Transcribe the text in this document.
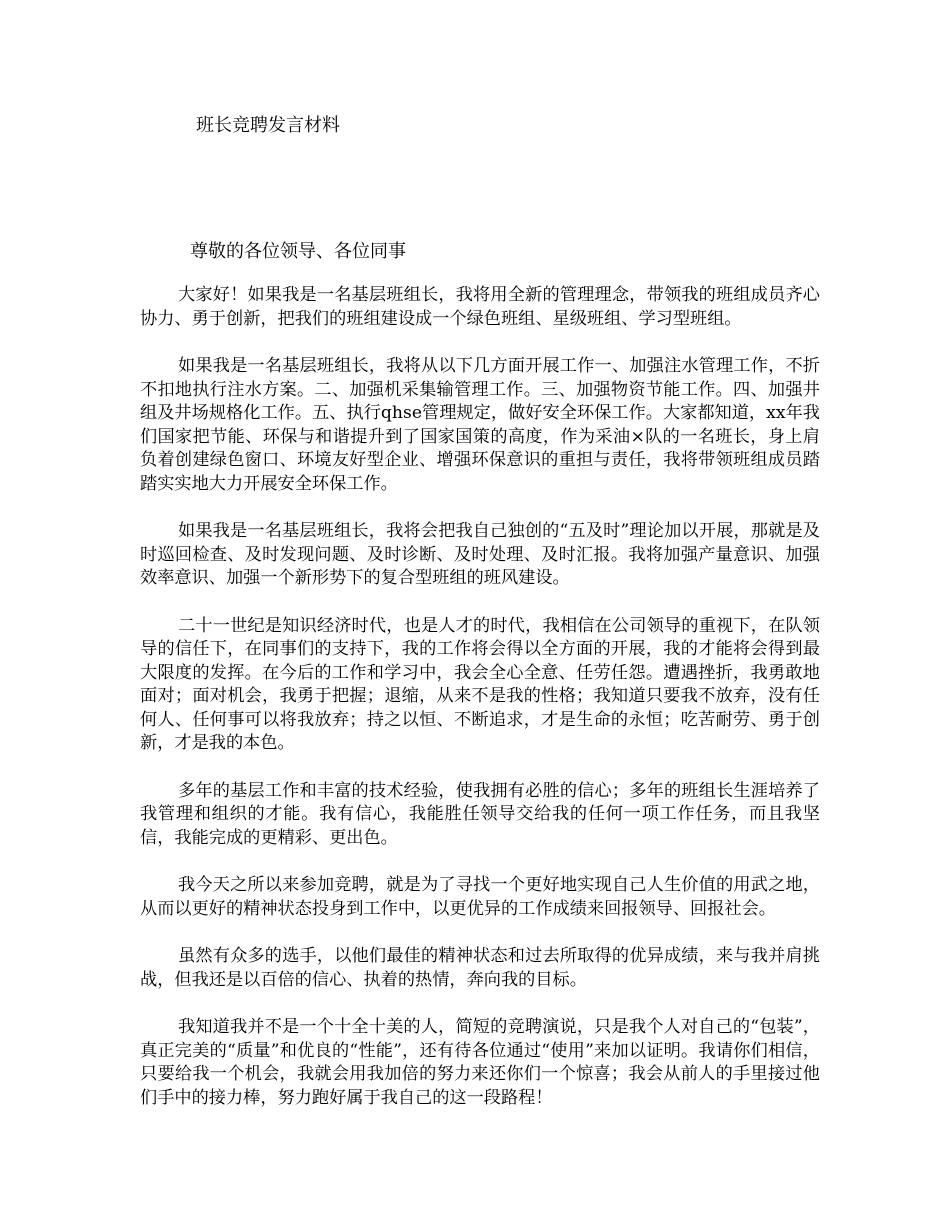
班长竞聘发言材料
尊敬的各位领导、各位同事

大家好！如果我是一名基层班组长，我将用全新的管理理念，带领我的班组成员齐心协力、勇于创新，把我们的班组建设成一个绿色班组、星级班组、学习型班组。

如果我是一名基层班组长，我将从以下几方面开展工作一、加强注水管理工作，不折不扣地执行注水方案。二、加强机采集输管理工作。三、加强物资节能工作。四、加强井组及井场规格化工作。五、执行qhse管理规定，做好安全环保工作。大家都知道，xx年我们国家把节能、环保与和谐提升到了国家国策的高度，作为采油×队的一名班长，身上肩负着创建绿色窗口、环境友好型企业、增强环保意识的重担与责任，我将带领班组成员踏踏实实地大力开展安全环保工作。

如果我是一名基层班组长，我将会把我自己独创的“五及时”理论加以开展，那就是及时巡回检查、及时发现问题、及时诊断、及时处理、及时汇报。我将加强产量意识、加强效率意识、加强一个新形势下的复合型班组的班风建设。

二十一世纪是知识经济时代，也是人才的时代，我相信在公司领导的重视下，在队领导的信任下，在同事们的支持下，我的工作将会得以全方面的开展，我的才能将会得到最大限度的发挥。在今后的工作和学习中，我会全心全意、任劳任怨。遭遇挫折，我勇敢地面对；面对机会，我勇于把握；退缩，从来不是我的性格；我知道只要我不放弃，没有任何人、任何事可以将我放弃；持之以恒、不断追求，才是生命的永恒；吃苦耐劳、勇于创新，才是我的本色。

多年的基层工作和丰富的技术经验，使我拥有必胜的信心；多年的班组长生涯培养了我管理和组织的才能。我有信心，我能胜任领导交给我的任何一项工作任务，而且我坚信，我能完成的更精彩、更出色。

我今天之所以来参加竞聘，就是为了寻找一个更好地实现自己人生价值的用武之地，从而以更好的精神状态投身到工作中，以更优异的工作成绩来回报领导、回报社会。

虽然有众多的选手，以他们最佳的精神状态和过去所取得的优异成绩，来与我并肩挑战，但我还是以百倍的信心、执着的热情，奔向我的目标。

我知道我并不是一个十全十美的人，简短的竞聘演说，只是我个人对自己的“包装”，真正完美的“质量”和优良的“性能”，还有待各位通过“使用”来加以证明。我请你们相信，只要给我一个机会，我就会用我加倍的努力来还你们一个惊喜；我会从前人的手里接过他们手中的接力棒，努力跑好属于我自己的这一段路程！
